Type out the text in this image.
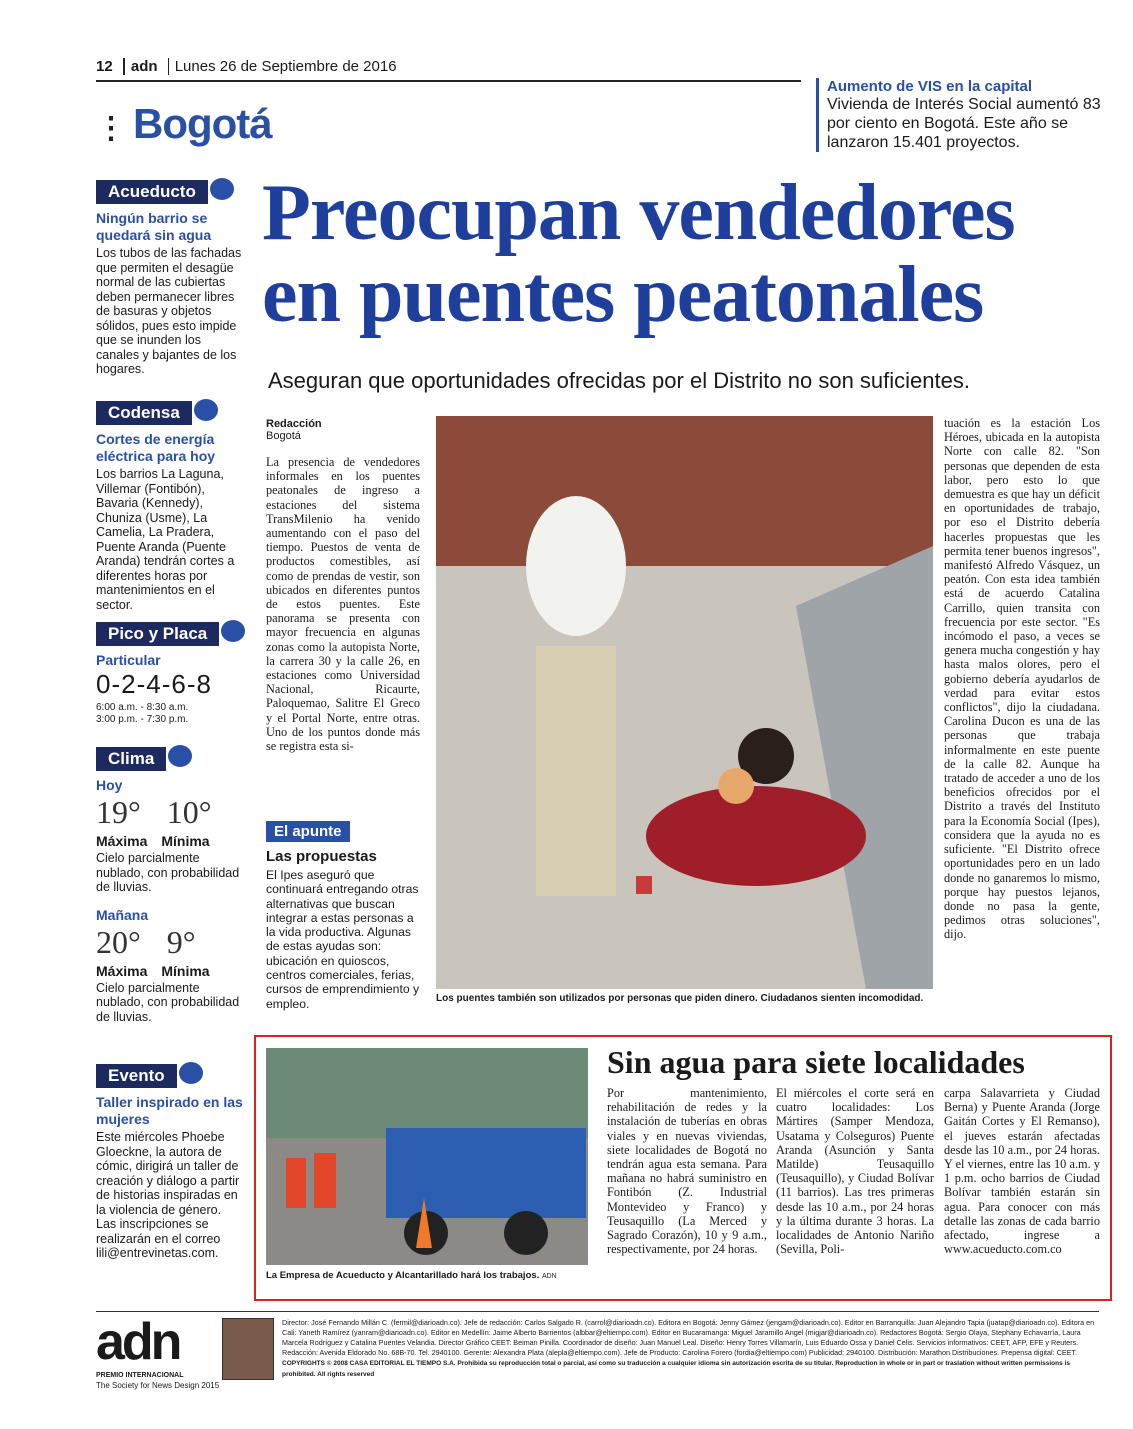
12 adn Lunes 26 de Septiembre de 2016
⋮ Bogotá
Aumento de VIS en la capital
Vivienda de Interés Social aumentó 83 por ciento en Bogotá. Este año se lanzaron 15.401 proyectos.
Acueducto
Ningún barrio se quedará sin agua
Los tubos de las fachadas que permiten el desagüe normal de las cubiertas deben permanecer libres de basuras y objetos sólidos, pues esto impide que se inunden los canales y bajantes de los hogares.
Codensa
Cortes de energía eléctrica para hoy
Los barrios La Laguna, Villemar (Fontibón), Bavaria (Kennedy), Chuniza (Usme), La Camelia, La Pradera, Puente Aranda (Puente Aranda) tendrán cortes a diferentes horas por mantenimientos en el sector.
Pico y Placa
Particular
0-2-4-6-8
6:00 a.m. - 8:30 a.m.
3:00 p.m. - 7:30 p.m.
Clima
Hoy
19° 10°
Máxima Mínima
Cielo parcialmente nublado, con probabilidad de lluvias.
Mañana
20° 9°
Máxima Mínima
Cielo parcialmente nublado, con probabilidad de lluvias.
Evento
Taller inspirado en las mujeres
Este miércoles Phoebe Gloeckne, la autora de cómic, dirigirá un taller de creación y diálogo a partir de historias inspiradas en la violencia de género. Las inscripciones se realizarán en el correo lili@entrevinetas.com.
Preocupan vendedores
en puentes peatonales
Aseguran que oportunidades ofrecidas por el Distrito no son suficientes.
Redacción
Bogotá
La presencia de vendedores informales en los puentes peatonales de ingreso a estaciones del sistema TransMilenio ha venido aumentando con el paso del tiempo. Puestos de venta de productos comestibles, así como de prendas de vestir, son ubicados en diferentes puntos de estos puentes. Este panorama se presenta con mayor frecuencia en algunas zonas como la autopista Norte, la carrera 30 y la calle 26, en estaciones como Universidad Nacional, Ricaurte, Paloquemao, Salitre El Greco y el Portal Norte, entre otras. Uno de los puntos donde más se registra esta si-
El apunte
Las propuestas
El Ipes aseguró que continuará entregando otras alternativas que buscan integrar a estas personas a la vida productiva. Algunas de estas ayudas son: ubicación en quioscos, centros comerciales, ferias, cursos de emprendimiento y empleo.	Los puentes también son utilizados por personas que piden dinero. Ciudadanos sienten incomodidad.
tuación es la estación Los Héroes, ubicada en la autopista Norte con calle 82. "Son personas que dependen de esta labor, pero esto lo que demuestra es que hay un déficit en oportunidades de trabajo, por eso el Distrito debería hacerles propuestas que les permita tener buenos ingresos", manifestó Alfredo Vásquez, un peatón. Con esta idea también está de acuerdo Catalina Carrillo, quien transita con frecuencia por este sector. "Es incómodo el paso, a veces se genera mucha congestión y hay hasta malos olores, pero el gobierno debería ayudarlos de verdad para evitar estos conflictos", dijo la ciudadana. Carolina Ducon es una de las personas que trabaja informalmente en este puente de la calle 82. Aunque ha tratado de acceder a uno de los beneficios ofrecidos por el Distrito a través del Instituto para la Economía Social (Ipes), considera que la ayuda no es suficiente. "El Distrito ofrece oportunidades pero en un lado donde no ganaremos lo mismo, porque hay puestos lejanos, donde no pasa la gente, pedimos otras soluciones", dijo.
La Empresa de Acueducto y Alcantarillado hará los trabajos. ADN
Sin agua para siete localidades
Por mantenimiento, rehabilitación de redes y la instalación de tuberías en obras viales y en nuevas viviendas, siete localidades de Bogotá no tendrán agua esta semana. Para mañana no habrá suministro en Fontibón (Z. Industrial Montevideo y Franco) y Teusaquillo (La Merced y Sagrado Corazón), 10 y 9 a.m., respectivamente, por 24 horas.
El miércoles el corte será en cuatro localidades: Los Mártires (Samper Mendoza, Usatama y Colseguros) Puente Aranda (Asunción y Santa Matilde) Teusaquillo (Teusaquillo), y Ciudad Bolívar (11 barrios). Las tres primeras desde las 10 a.m., por 24 horas y la última durante 3 horas. La localidades de Antonio Nariño (Sevilla, Poli-
carpa Salavarrieta y Ciudad Berna) y Puente Aranda (Jorge Gaitán Cortes y El Remanso), el jueves estarán afectadas desde las 10 a.m., por 24 horas. Y el viernes, entre las 10 a.m. y 1 p.m. ocho barrios de Ciudad Bolívar también estarán sin agua. Para conocer con más detalle las zonas de cada barrio afectado, ingrese a www.acueducto.com.co
adn
PREMIO INTERNACIONAL
The Society for News Design 2015
Director: José Fernando Millán C. (fermil@diarioadn.co). Jefe de redacción: Carlos Salgado R. (carrol@diarioadn.co). Editora en Bogotá: Jenny Gámez (jengam@diarioadn.co). Editor en Barranquilla: Juan Alejandro Tapia (juatap@diarioadn.co). Editora en Cali: Yaneth Ramírez (yanram@diarioadn.co). Editor en Medellín: Jaime Alberto Barrientos (albbar@eltiempo.com). Editor en Bucaramanga: Miguel Jaramillo Angel (migjar@diarioadn.co). Redactores Bogotá: Sergio Olaya, Stephany Echavarría, Laura Marcela Rodríguez y Catalina Puentes Velandia. Director Gráfico CEET: Beiman Pinilla. Coordinador de diseño: Juan Manuel Leal. Diseño: Henry Torres Villamarín, Luis Eduardo Ossa y Daniel Celis. Servicios informativos: CEET, AFP, EFE y Reuters. Redacción: Avenida Eldorado No. 68B-70. Tel. 2940100. Gerente: Alexandra Plata (alepla@eltiempo.com). Jefe de Producto: Carolina Forero (fordia@eltiempo.com) Publicidad: 2940100. Distribución: Marathon Distribuciones. Prepensa digital: CEET.
COPYRIGHTS © 2008 CASA EDITORIAL EL TIEMPO S.A. Prohibida su reproducción total o parcial, así como su traducción a cualquier idioma sin autorización escrita de su titular. Reproduction in whole or in part or traslation without written permissions is prohibited. All rights reserved
